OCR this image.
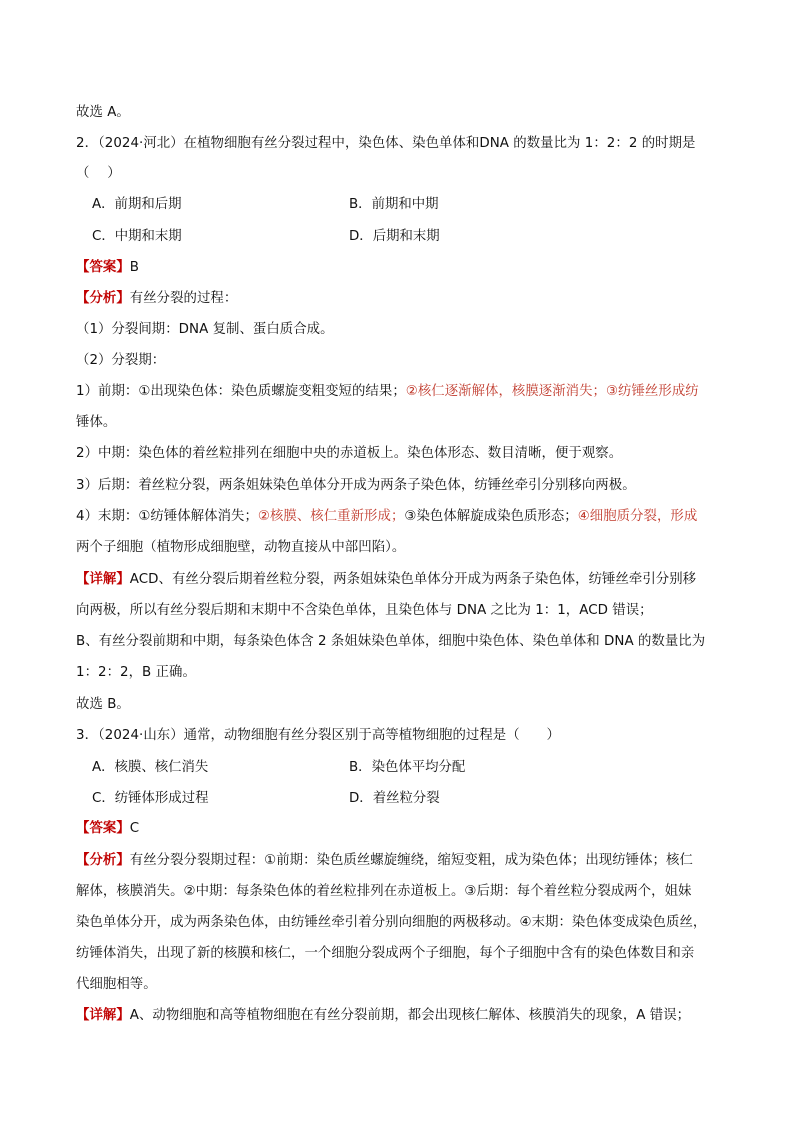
故选 A。
2．（2024·河北）在植物细胞有丝分裂过程中，染色体、染色单体和DNA 的数量比为 1：2：2 的时期是
（　 ）
A．前期和后期	B．前期和中期
C．中期和末期	D．后期和末期
【答案】B
【分析】有丝分裂的过程：
（1）分裂间期：DNA 复制、蛋白质合成。
（2）分裂期：
1）前期：①出现染色体：染色质螺旋变粗变短的结果；②核仁逐渐解体，核膜逐渐消失；③纺锤丝形成纺
锤体。
2）中期：染色体的着丝粒排列在细胞中央的赤道板上。染色体形态、数目清晰，便于观察。
3）后期：着丝粒分裂，两条姐妹染色单体分开成为两条子染色体，纺锤丝牵引分别移向两极。
4）末期：①纺锤体解体消失；②核膜、核仁重新形成；③染色体解旋成染色质形态；④细胞质分裂，形成
两个子细胞（植物形成细胞壁，动物直接从中部凹陷）。
【详解】ACD、有丝分裂后期着丝粒分裂，两条姐妹染色单体分开成为两条子染色体，纺锤丝牵引分别移
向两极，所以有丝分裂后期和末期中不含染色单体，且染色体与 DNA 之比为 1：1，ACD 错误；
B、有丝分裂前期和中期，每条染色体含 2 条姐妹染色单体，细胞中染色体、染色单体和 DNA 的数量比为
1：2：2，B 正确。
故选 B。
3．（2024·山东）通常，动物细胞有丝分裂区别于高等植物细胞的过程是（　　）
A．核膜、核仁消失	B．染色体平均分配
C．纺锤体形成过程	D．着丝粒分裂
【答案】C
【分析】有丝分裂分裂期过程：①前期：染色质丝螺旋缠绕，缩短变粗，成为染色体；出现纺锤体；核仁
解体，核膜消失。②中期：每条染色体的着丝粒排列在赤道板上。③后期：每个着丝粒分裂成两个，姐妹
染色单体分开，成为两条染色体，由纺锤丝牵引着分别向细胞的两极移动。④末期：染色体变成染色质丝，
纺锤体消失，出现了新的核膜和核仁，一个细胞分裂成两个子细胞，每个子细胞中含有的染色体数目和亲
代细胞相等。
【详解】A、动物细胞和高等植物细胞在有丝分裂前期，都会出现核仁解体、核膜消失的现象，A 错误；
